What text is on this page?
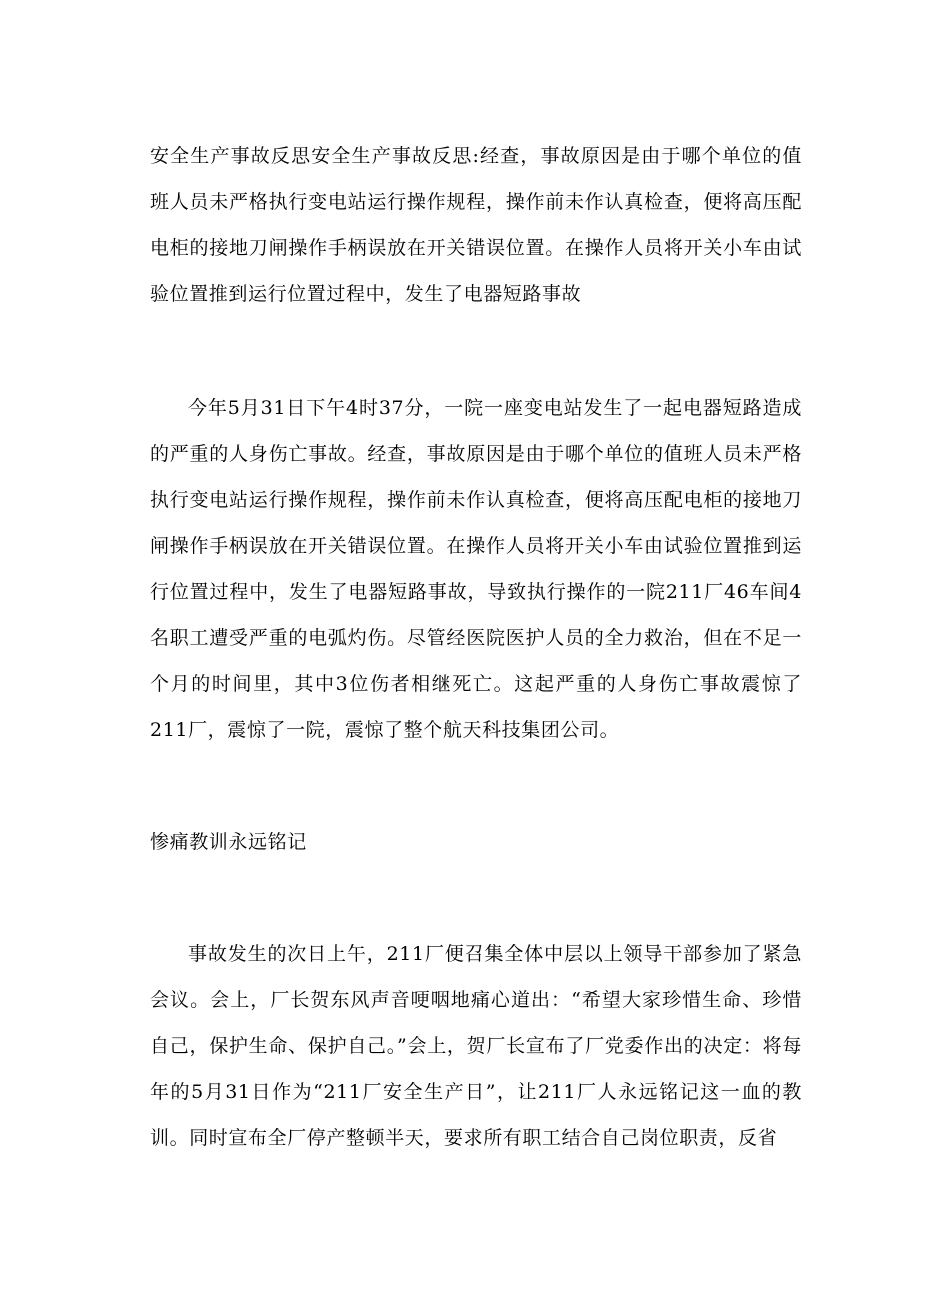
安全生产事故反思安全生产事故反思:经查，事故原因是由于哪个单位的值班人员未严格执行变电站运行操作规程，操作前未作认真检查，便将高压配电柜的接地刀闸操作手柄误放在开关错误位置。在操作人员将开关小车由试验位置推到运行位置过程中，发生了电器短路事故

今年5月31日下午4时37分，一院一座变电站发生了一起电器短路造成的严重的人身伤亡事故。经查，事故原因是由于哪个单位的值班人员未严格执行变电站运行操作规程，操作前未作认真检查，便将高压配电柜的接地刀闸操作手柄误放在开关错误位置。在操作人员将开关小车由试验位置推到运行位置过程中，发生了电器短路事故，导致执行操作的一院211厂46车间4名职工遭受严重的电弧灼伤。尽管经医院医护人员的全力救治，但在不足一个月的时间里，其中3位伤者相继死亡。这起严重的人身伤亡事故震惊了211厂，震惊了一院，震惊了整个航天科技集团公司。

惨痛教训永远铭记

事故发生的次日上午，211厂便召集全体中层以上领导干部参加了紧急会议。会上，厂长贺东风声音哽咽地痛心道出：“希望大家珍惜生命、珍惜自己，保护生命、保护自己。”会上，贺厂长宣布了厂党委作出的决定：将每年的5月31日作为“211厂安全生产日”，让211厂人永远铭记这一血的教训。同时宣布全厂停产整顿半天，要求所有职工结合自己岗位职责，反省
